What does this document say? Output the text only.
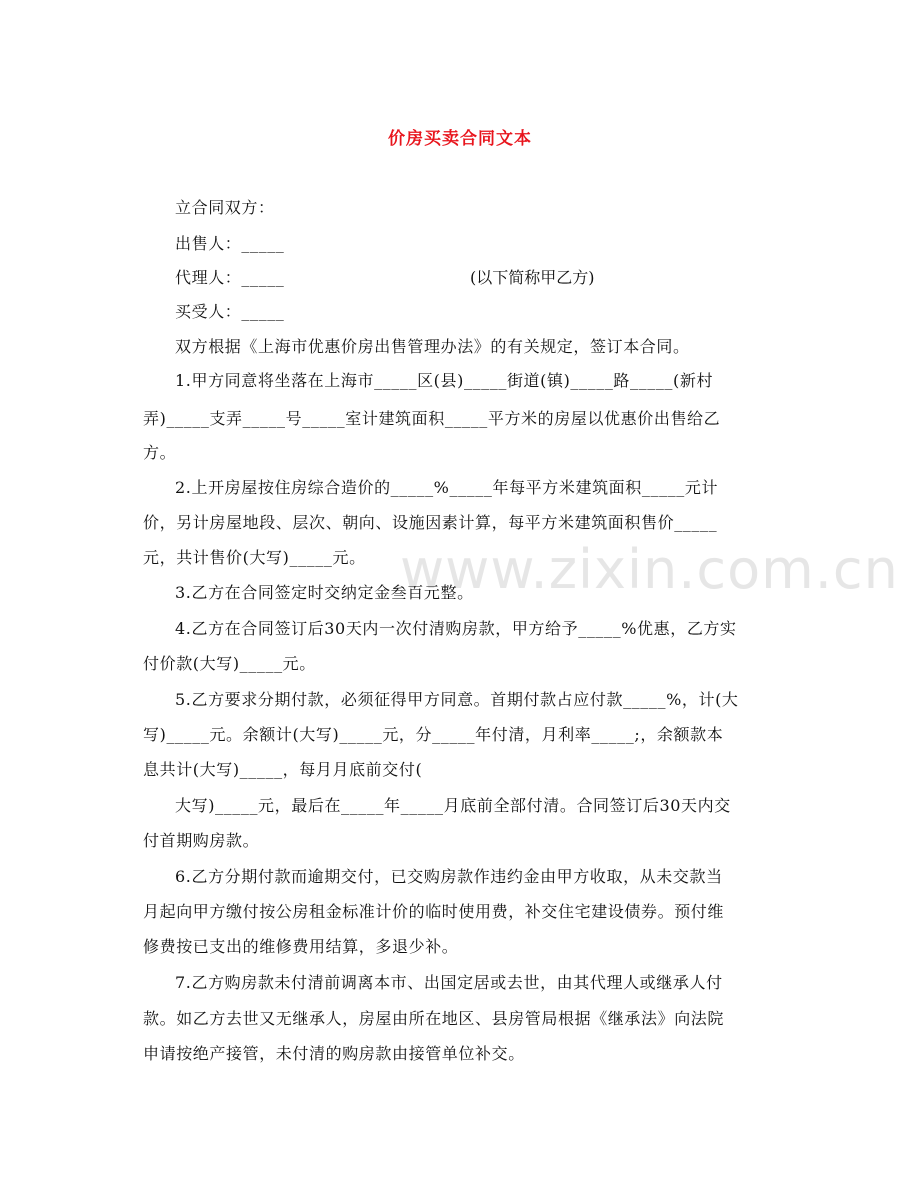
www.zixin.com.cn
价房买卖合同文本
立合同双方：
出售人：_____
代理人：_____	(以下简称甲乙方)
买受人：_____
双方根据《上海市优惠价房出售管理办法》的有关规定，签订本合同。
1.甲方同意将坐落在上海市_____区(县)_____街道(镇)_____路_____(新村
弄)_____支弄_____号_____室计建筑面积_____平方米的房屋以优惠价出售给乙
方。
2.上开房屋按住房综合造价的_____%_____年每平方米建筑面积_____元计
价，另计房屋地段、层次、朝向、设施因素计算，每平方米建筑面积售价_____
元，共计售价(大写)_____元。
3.乙方在合同签定时交纳定金叁百元整。
4.乙方在合同签订后30天内一次付清购房款，甲方给予_____%优惠，乙方实
付价款(大写)_____元。
5.乙方要求分期付款，必须征得甲方同意。首期付款占应付款_____%，计(大
写)_____元。余额计(大写)_____元，分_____年付清，月利率_____;，余额款本
息共计(大写)_____，每月月底前交付(
大写)_____元，最后在_____年_____月底前全部付清。合同签订后30天内交
付首期购房款。
6.乙方分期付款而逾期交付，已交购房款作违约金由甲方收取，从未交款当
月起向甲方缴付按公房租金标准计价的临时使用费，补交住宅建设债券。预付维
修费按已支出的维修费用结算，多退少补。
7.乙方购房款未付清前调离本市、出国定居或去世，由其代理人或继承人付
款。如乙方去世又无继承人，房屋由所在地区、县房管局根据《继承法》向法院
申请按绝产接管，未付清的购房款由接管单位补交。
